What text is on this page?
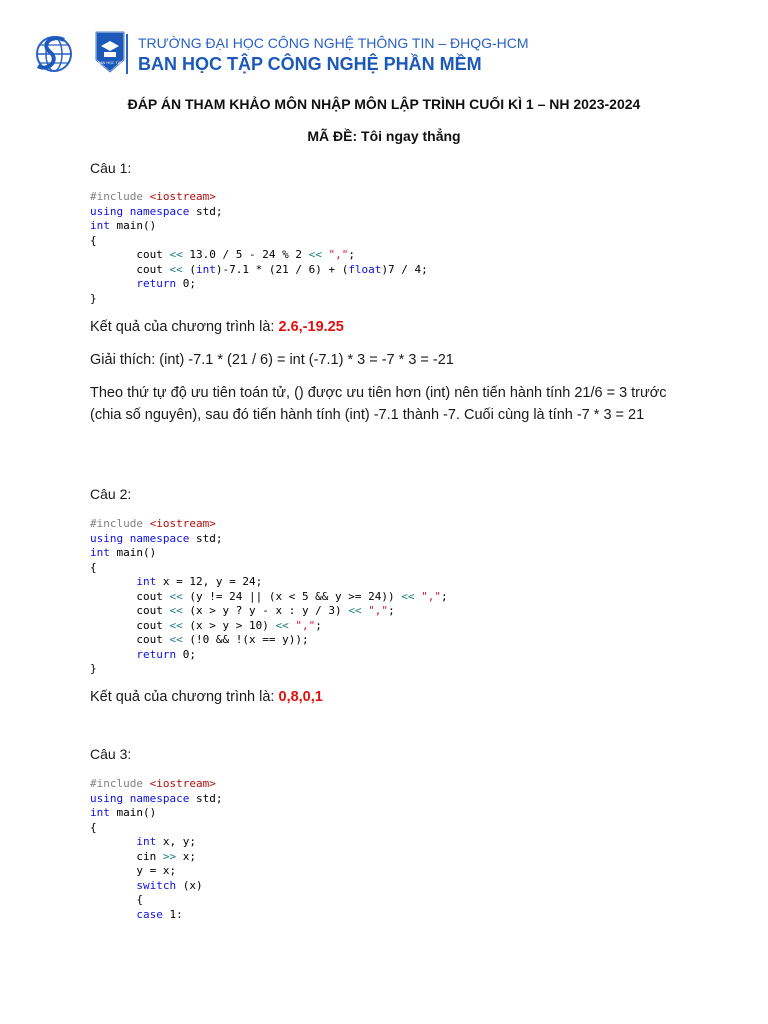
BAN HỌC TẬP
TRƯỜNG ĐẠI HỌC CÔNG NGHỆ THÔNG TIN – ĐHQG-HCM
BAN HỌC TẬP CÔNG NGHỆ PHẦN MỀM
ĐÁP ÁN THAM KHẢO MÔN NHẬP MÔN LẬP TRÌNH CUỐI KÌ 1 – NH 2023-2024
MÃ ĐỀ: Tôi ngay thẳng
Câu 1:
#include <iostream>
using namespace std;
int main()
{
cout << 13.0 / 5 - 24 % 2 << ",";
cout << (int)-7.1 * (21 / 6) + (float)7 / 4;
return 0;
}
Kết quả của chương trình là: 2.6,-19.25
Giải thích: (int) -7.1 * (21 / 6) = int (-7.1) * 3 = -7 * 3 = -21
Theo thứ tự độ ưu tiên toán tử, () được ưu tiên hơn (int) nên tiến hành tính 21/6 = 3 trước (chia số nguyên), sau đó tiến hành tính (int) -7.1 thành -7. Cuối cùng là tính -7 * 3 = 21
Câu 2:
#include <iostream>
using namespace std;
int main()
{
int x = 12, y = 24;
cout << (y != 24 || (x < 5 && y >= 24)) << ",";
cout << (x > y ? y - x : y / 3) << ",";
cout << (x > y > 10) << ",";
cout << (!0 && !(x == y));
return 0;
}
Kết quả của chương trình là: 0,8,0,1
Câu 3:
#include <iostream>
using namespace std;
int main()
{
int x, y;
cin >> x;
y = x;
switch (x)
{
case 1:
